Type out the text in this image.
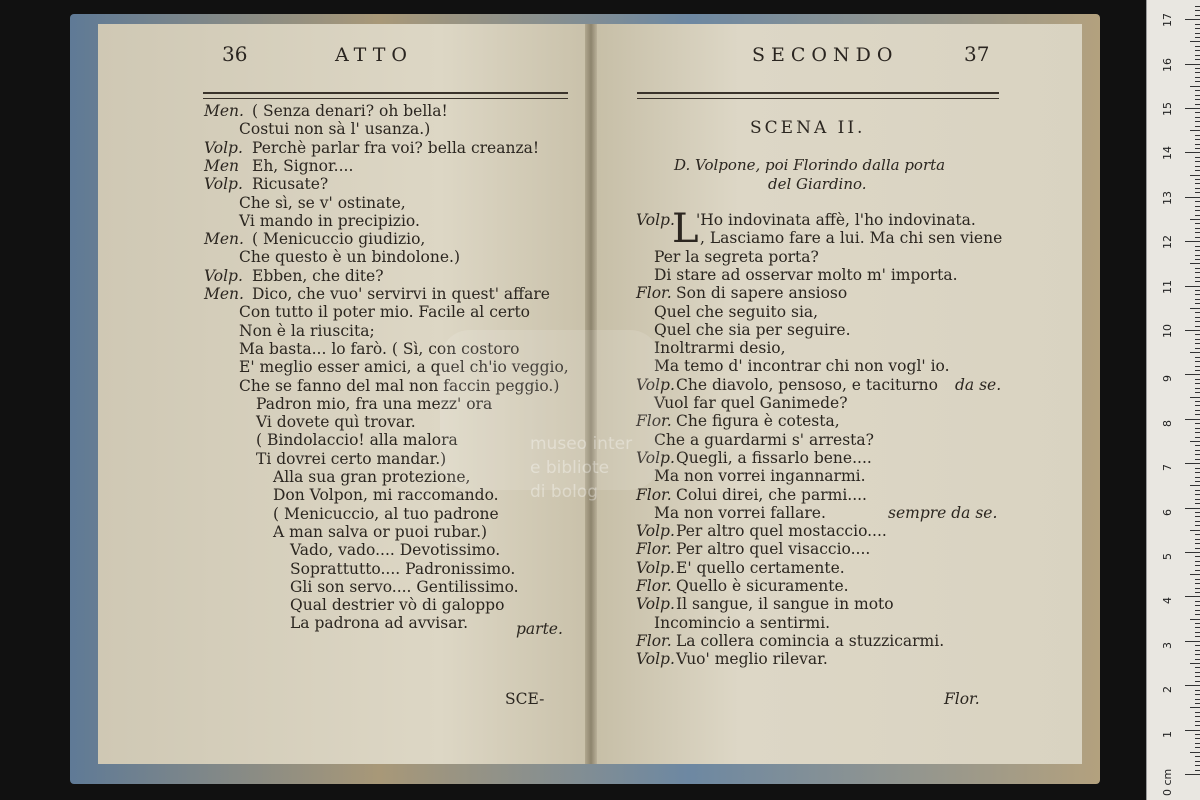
36	ATTO	SECONDO	37
SCENA II.
D. Volpone, poi Florindo dalla porta
del Giardino.
L
Men. ( Senza denari? oh bella!
Costui non sà l' usanza.)
Volp. Perchè parlar fra voi? bella creanza!
Men Eh, Signor....
Volp. Ricusate?
Che sì, se v' ostinate,
Vi mando in precipizio.
Men. ( Menicuccio giudizio,
Che questo è un bindolone.)
Volp. Ebben, che dite?
Men. Dico, che vuo' servirvi in quest' affare
Con tutto il poter mio. Facile al certo
Non è la riuscita;
Ma basta... lo farò. ( Sì, con costoro
E' meglio esser amici, a quel ch'io veggio,
Che se fanno del mal non faccin peggio.)
Padron mio, fra una mezz' ora
Vi dovete quì trovar.
( Bindolaccio! alla malora
Ti dovrei certo mandar.)
Alla sua gran protezione,
Don Volpon, mi raccomando.
( Menicuccio, al tuo padrone
A man salva or puoi rubar.)
Vado, vado.... Devotissimo.
Soprattutto.... Padronissimo.
Gli son servo.... Gentilissimo.
Qual destrier vò di galoppo
La padrona ad avvisar.
Volp. 'Ho indovinata affè, l'ho indovinata.
, Lasciamo fare a lui. Ma chi sen viene
Per la segreta porta?
Di stare ad osservar molto m' importa.
Flor. Son di sapere ansioso
Quel che seguito sia,
Quel che sia per seguire.
Inoltrarmi desio,
Ma temo d' incontrar chi non vogl' io.
Volp. Che diavolo, pensoso, e taciturno da se.
Vuol far quel Ganimede?
Flor. Che figura è cotesta,
Che a guardarmi s' arresta?
Volp. Quegli, a fissarlo bene....
Ma non vorrei ingannarmi.
Flor. Colui direi, che parmi....
Ma non vorrei fallare.	sempre da se.
Volp. Per altro quel mostaccio....
Flor. Per altro quel visaccio....
Volp. E' quello certamente.
Flor. Quello è sicuramente.
Volp. Il sangue, il sangue in moto
Incomincio a sentirmi.
Flor. La collera comincia a stuzzicarmi.
Volp. Vuo' meglio rilevar.
parte.
SCE-	Flor.
museo inter
e bibliote
di bolog
0 cm
1
2
3
4
5
6
7
8
9
10
11
12
13
14
15
16
17
